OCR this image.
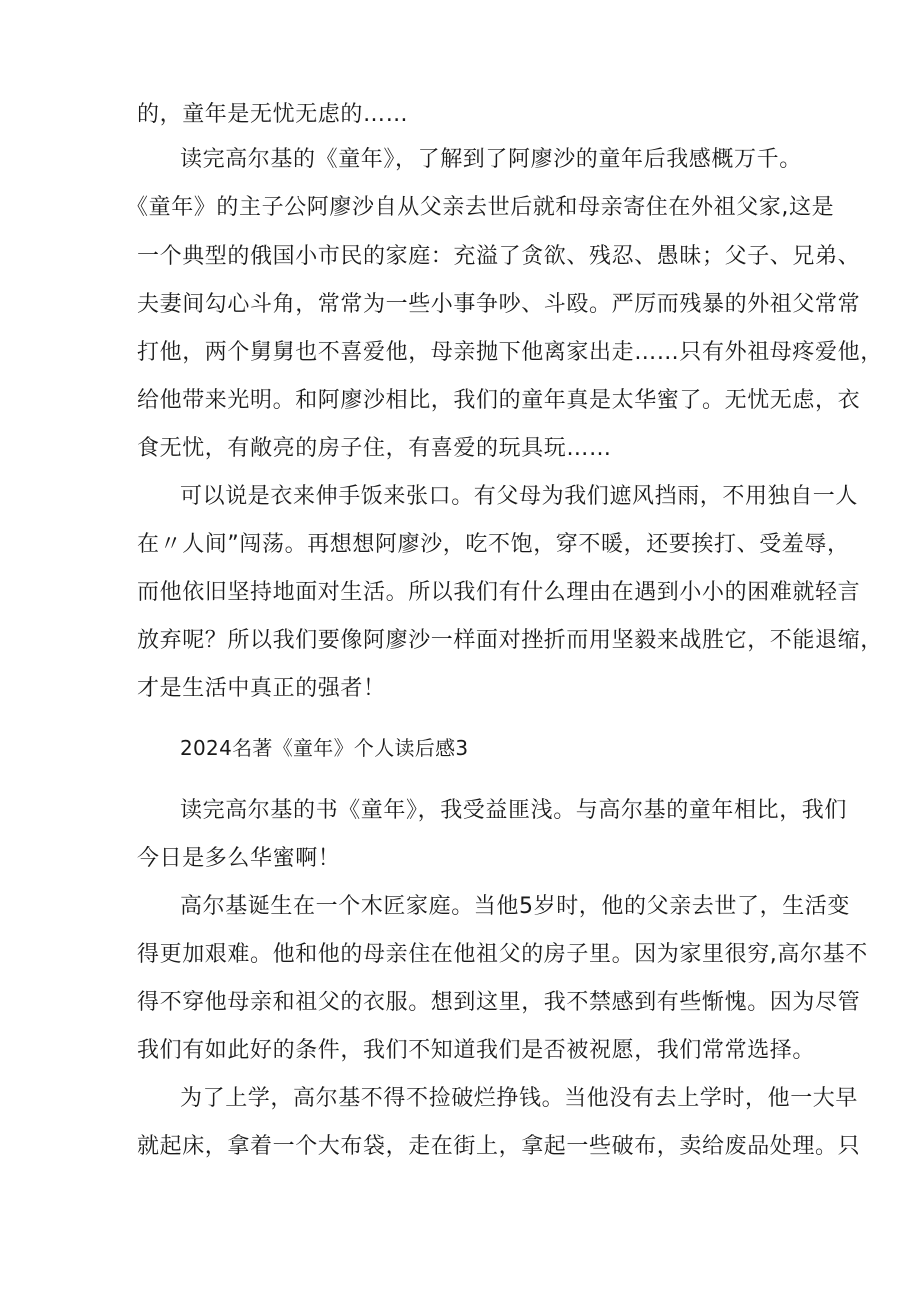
的，童年是无忧无虑的……
读完高尔基的《童年》，了解到了阿廖沙的童年后我感概万千。
《童年》的主子公阿廖沙自从父亲去世后就和母亲寄住在外祖父家,这是
一个典型的俄国小市民的家庭：充溢了贪欲、残忍、愚昧；父子、兄弟、
夫妻间勾心斗角，常常为一些小事争吵、斗殴。严厉而残暴的外祖父常常
打他，两个舅舅也不喜爱他，母亲抛下他离家出走……只有外祖母疼爱他，
给他带来光明。和阿廖沙相比，我们的童年真是太华蜜了。无忧无虑，衣
食无忧，有敞亮的房子住，有喜爱的玩具玩……
可以说是衣来伸手饭来张口。有父母为我们遮风挡雨，不用独自一人
在〃人间”闯荡。再想想阿廖沙，吃不饱，穿不暖，还要挨打、受羞辱，
而他依旧坚持地面对生活。所以我们有什么理由在遇到小小的困难就轻言
放弃呢？所以我们要像阿廖沙一样面对挫折而用坚毅来战胜它，不能退缩，
才是生活中真正的强者！
2024名著《童年》个人读后感3
读完高尔基的书《童年》，我受益匪浅。与高尔基的童年相比，我们
今日是多么华蜜啊！
高尔基诞生在一个木匠家庭。当他5岁时，他的父亲去世了，生活变
得更加艰难。他和他的母亲住在他祖父的房子里。因为家里很穷,高尔基不
得不穿他母亲和祖父的衣服。想到这里，我不禁感到有些惭愧。因为尽管
我们有如此好的条件，我们不知道我们是否被祝愿，我们常常选择。
为了上学，高尔基不得不捡破烂挣钱。当他没有去上学时，他一大早
就起床，拿着一个大布袋，走在街上，拿起一些破布，卖给废品处理。只
